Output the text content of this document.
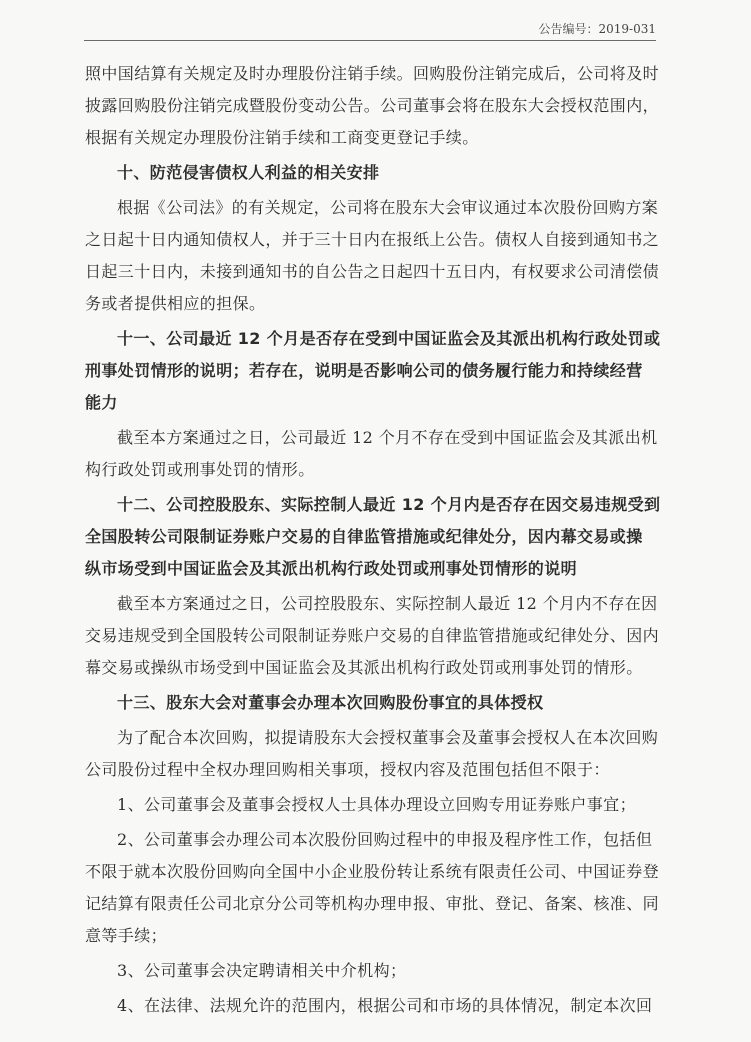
公告编号：2019-031
照中国结算有关规定及时办理股份注销手续。回购股份注销完成后，公司将及时
披露回购股份注销完成暨股份变动公告。公司董事会将在股东大会授权范围内，
根据有关规定办理股份注销手续和工商变更登记手续。
十、防范侵害债权人利益的相关安排
根据《公司法》的有关规定，公司将在股东大会审议通过本次股份回购方案
之日起十日内通知债权人，并于三十日内在报纸上公告。债权人自接到通知书之
日起三十日内，未接到通知书的自公告之日起四十五日内，有权要求公司清偿债
务或者提供相应的担保。
十一、公司最近 12 个月是否存在受到中国证监会及其派出机构行政处罚或
刑事处罚情形的说明；若存在，说明是否影响公司的债务履行能力和持续经营
能力
截至本方案通过之日，公司最近 12 个月不存在受到中国证监会及其派出机
构行政处罚或刑事处罚的情形。
十二、公司控股股东、实际控制人最近 12 个月内是否存在因交易违规受到
全国股转公司限制证券账户交易的自律监管措施或纪律处分，因内幕交易或操
纵市场受到中国证监会及其派出机构行政处罚或刑事处罚情形的说明
截至本方案通过之日，公司控股股东、实际控制人最近 12 个月内不存在因
交易违规受到全国股转公司限制证券账户交易的自律监管措施或纪律处分、因内
幕交易或操纵市场受到中国证监会及其派出机构行政处罚或刑事处罚的情形。
十三、股东大会对董事会办理本次回购股份事宜的具体授权
为了配合本次回购，拟提请股东大会授权董事会及董事会授权人在本次回购
公司股份过程中全权办理回购相关事项，授权内容及范围包括但不限于：
1、公司董事会及董事会授权人士具体办理设立回购专用证券账户事宜；
2、公司董事会办理公司本次股份回购过程中的申报及程序性工作，包括但
不限于就本次股份回购向全国中小企业股份转让系统有限责任公司、中国证券登
记结算有限责任公司北京分公司等机构办理申报、审批、登记、备案、核准、同
意等手续；
3、公司董事会决定聘请相关中介机构；
4、在法律、法规允许的范围内，根据公司和市场的具体情况，制定本次回
